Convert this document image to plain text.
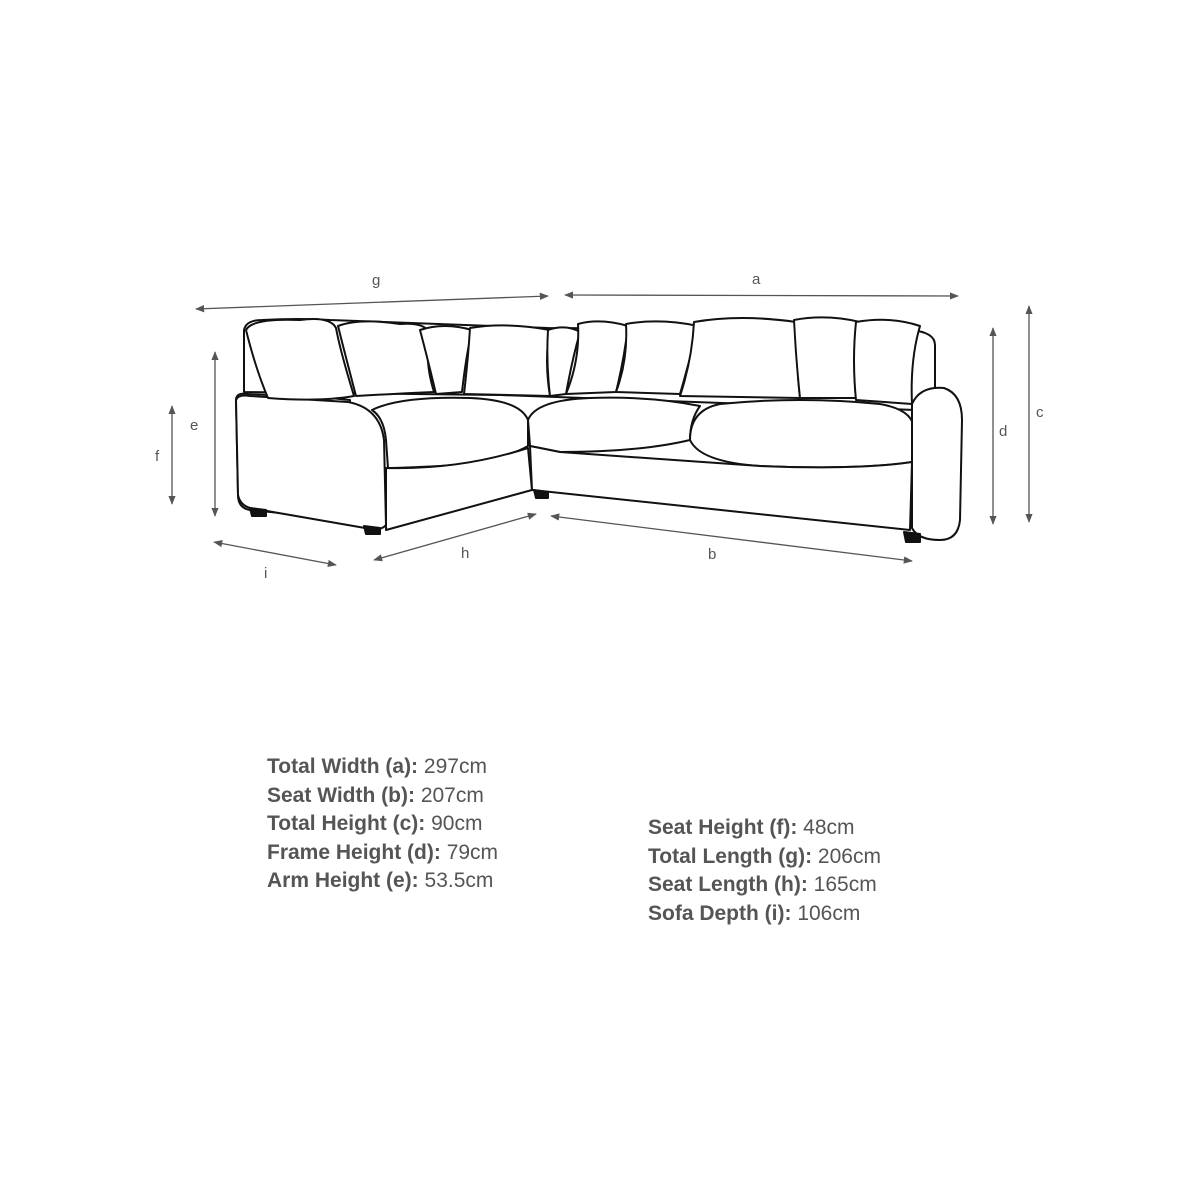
g	a
c
d
e
f
i
h	b
Total Width (a): 297cm
Seat Width (b): 207cm
Total Height (c): 90cm
Frame Height (d): 79cm
Arm Height (e): 53.5cm
Seat Height (f): 48cm
Total Length (g): 206cm
Seat Length (h): 165cm
Sofa Depth (i): 106cm
